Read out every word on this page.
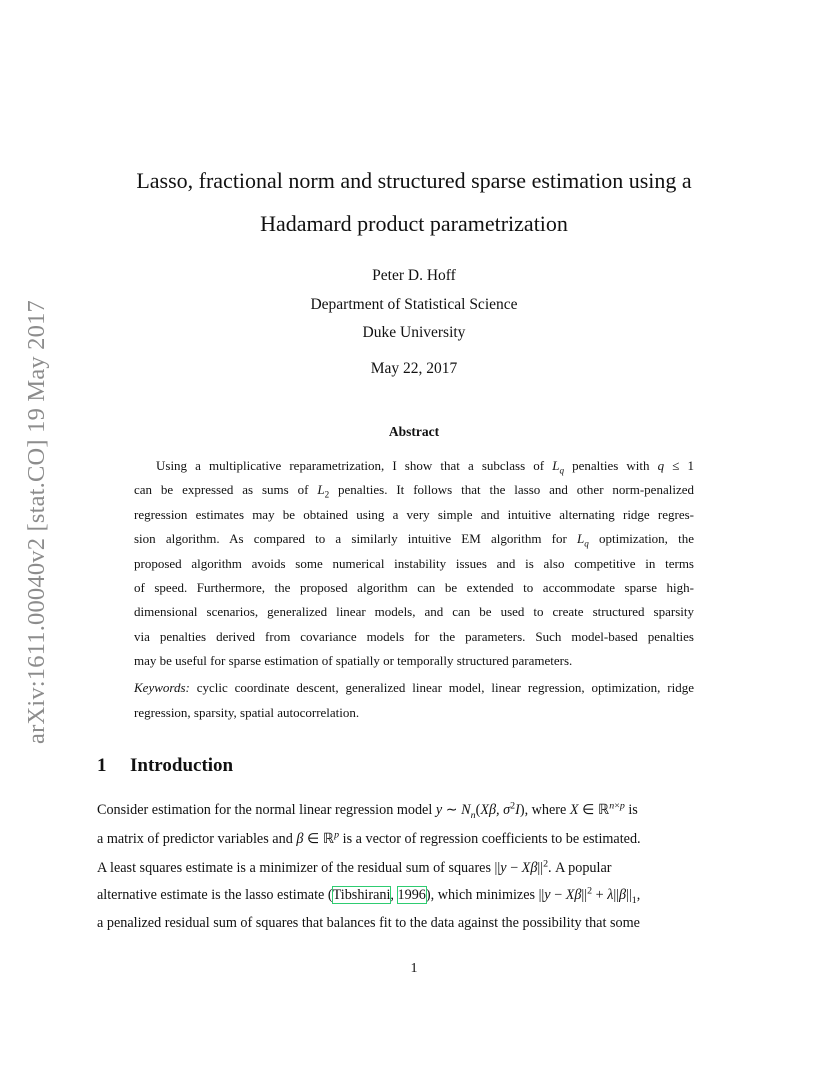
arXiv:1611.00040v2 [stat.CO] 19 May 2017
Lasso, fractional norm and structured sparse estimation using a
Hadamard product parametrization
Peter D. Hoff
Department of Statistical Science
Duke University
May 22, 2017
Abstract

Using a multiplicative reparametrization, I show that a subclass of $L_q$ penalties with q ≤ 1

can be expressed as sums of $L_2$ penalties. It follows that the lasso and other norm-penalized

regression estimates may be obtained using a very simple and intuitive alternating ridge regres-

sion algorithm. As compared to a similarly intuitive EM algorithm for $L_q$ optimization, the

proposed algorithm avoids some numerical instability issues and is also competitive in terms

of speed. Furthermore, the proposed algorithm can be extended to accommodate sparse high-

dimensional scenarios, generalized linear models, and can be used to create structured sparsity

via penalties derived from covariance models for the parameters. Such model-based penalties

may be useful for sparse estimation of spatially or temporally structured parameters.

Keywords: cyclic coordinate descent, generalized linear model, linear regression, optimization, ridge regression, sparsity, spatial autocorrelation.
1 Introduction
Consider estimation for the normal linear regression model y ∼ $N_n(X\beta$, $\sigma^2I$), where X ∈ ℝ$^{n\times p}$ is
a matrix of predictor variables and β ∈ ℝ$^p$ is a vector of regression coefficients to be estimated.
A least squares estimate is a minimizer of the residual sum of squares $||y - X\beta||^2$. A popular
alternative estimate is the lasso estimate (Tibshirani, 1996), which minimizes $||y - X\beta||^2 + \lambda||\beta||_1$,
a penalized residual sum of squares that balances fit to the data against the possibility that some
1
